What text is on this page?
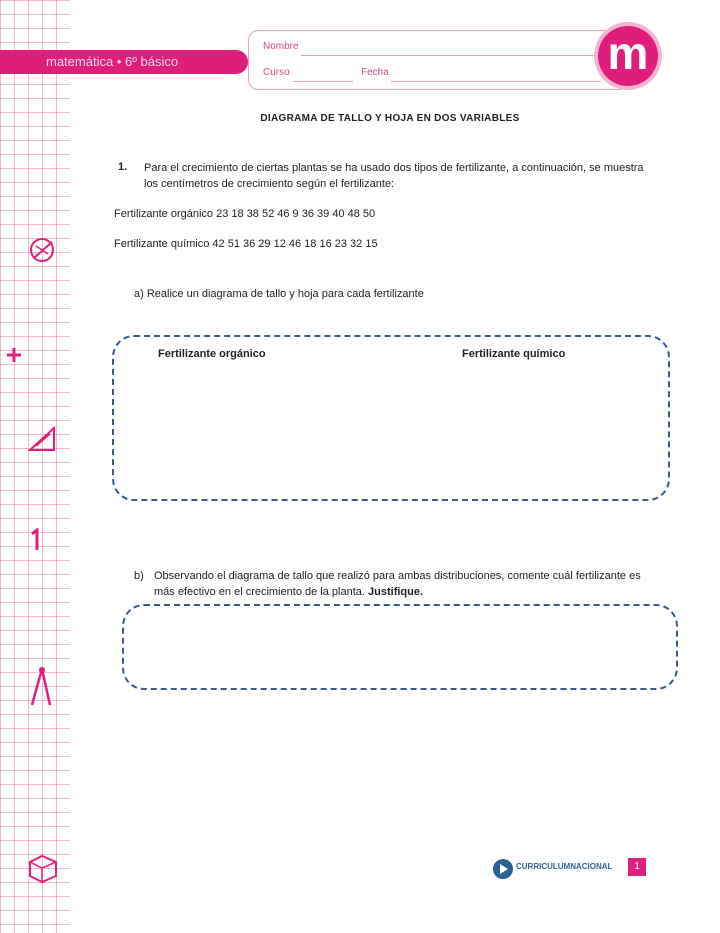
matemática • 6º básico
Nombre
Curso	Fecha	m
DIAGRAMA DE TALLO Y HOJA EN DOS VARIABLES
1. Para el crecimiento de ciertas plantas se ha usado dos tipos de fertilizante, a continuación, se muestra los centímetros de crecimiento según el fertilizante:
Fertilizante orgánico 23 18 38 52 46 9 36 39 40 48 50
Fertilizante químico 42 51 36 29 12 46 18 16 23 32 15
a) Realice un diagrama de tallo y hoja para cada fertilizante
Fertilizante orgánico	Fertilizante químico
b) Observando el diagrama de tallo que realizó para ambas distribuciones, comente cuál fertilizante es más efectivo en el crecimiento de la planta. Justifique.
CURRICULUMNACIONAL	1
